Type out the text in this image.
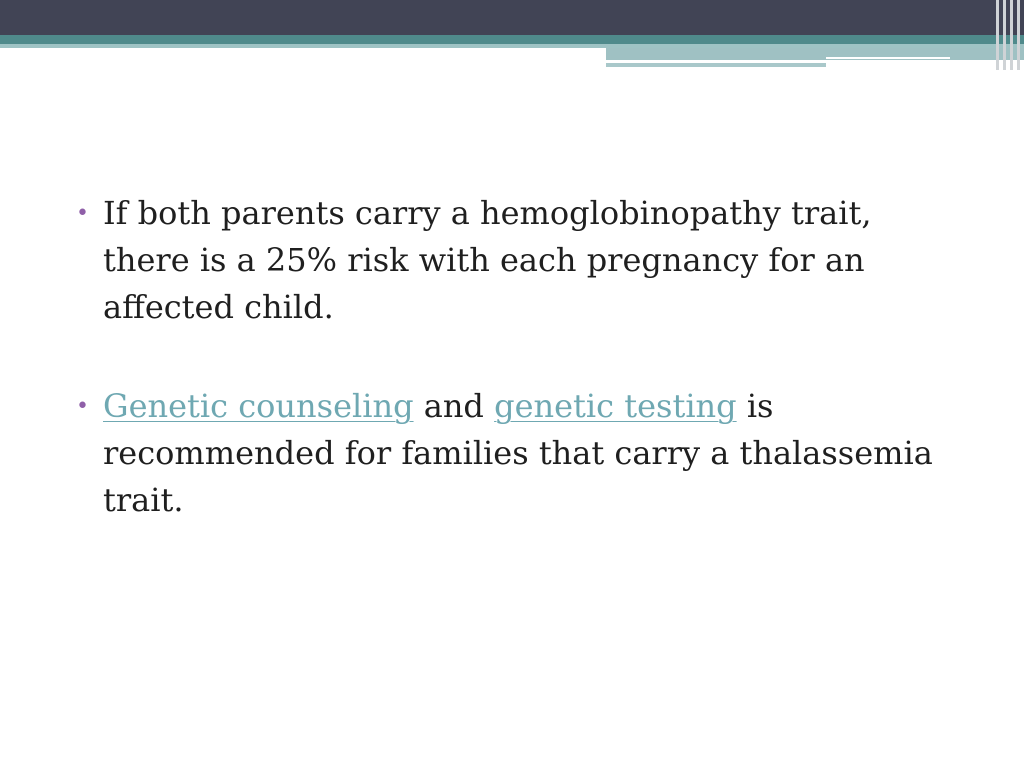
• If both parents carry a hemoglobinopathy trait, there is a 25% risk with each pregnancy for an affected child.
• Genetic counseling and genetic testing is recommended for families that carry a thalassemia trait.
